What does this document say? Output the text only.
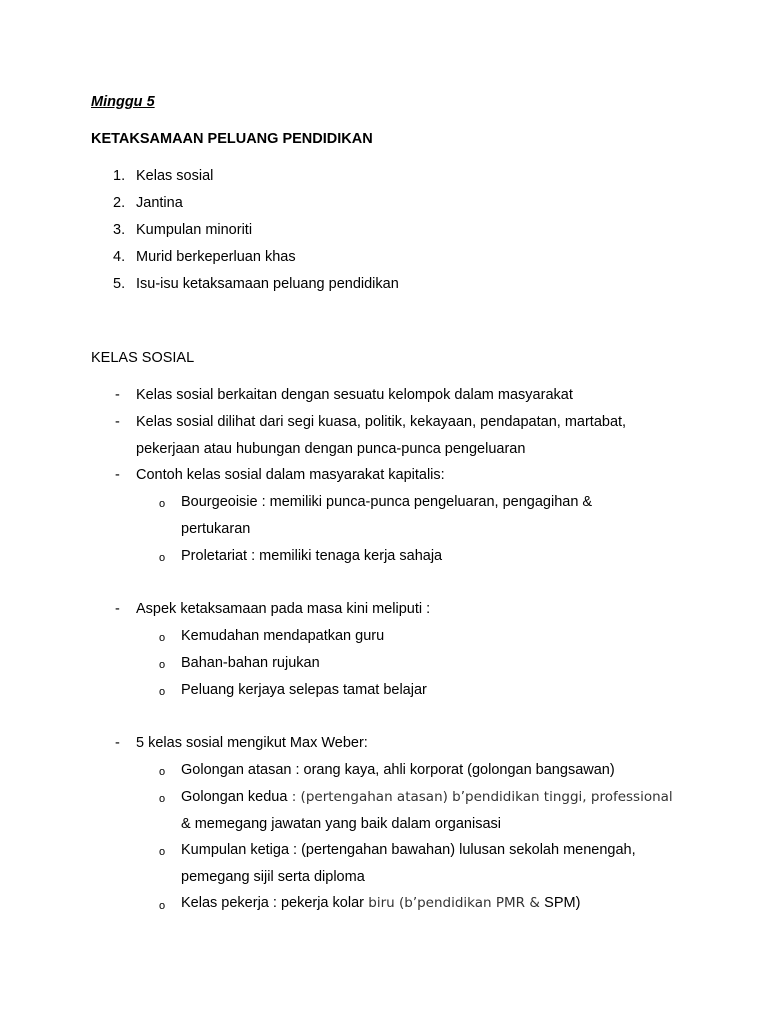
Minggu 5
KETAKSAMAAN PELUANG PENDIDIKAN
1. Kelas sosial
2. Jantina
3. Kumpulan minoriti
4. Murid berkeperluan khas
5. Isu-isu ketaksamaan peluang pendidikan
KELAS SOSIAL
- Kelas sosial berkaitan dengan sesuatu kelompok dalam masyarakat
- Kelas sosial dilihat dari segi kuasa, politik, kekayaan, pendapatan, martabat,
pekerjaan atau hubungan dengan punca-punca pengeluaran
- Contoh kelas sosial dalam masyarakat kapitalis:
o Bourgeoisie : memiliki punca-punca pengeluaran, pengagihan &
pertukaran
o Proletariat : memiliki tenaga kerja sahaja
- Aspek ketaksamaan pada masa kini meliputi :
o Kemudahan mendapatkan guru
o Bahan-bahan rujukan
o Peluang kerjaya selepas tamat belajar
- 5 kelas sosial mengikut Max Weber:
o Golongan atasan : orang kaya, ahli korporat (golongan bangsawan)
o Golongan kedua : (pertengahan atasan) b’pendidikan tinggi, professional
& memegang jawatan yang baik dalam organisasi
o Kumpulan ketiga : (pertengahan bawahan) lulusan sekolah menengah,
pemegang sijil serta diploma
o Kelas pekerja : pekerja kolar biru (b’pendidikan PMR & SPM)
